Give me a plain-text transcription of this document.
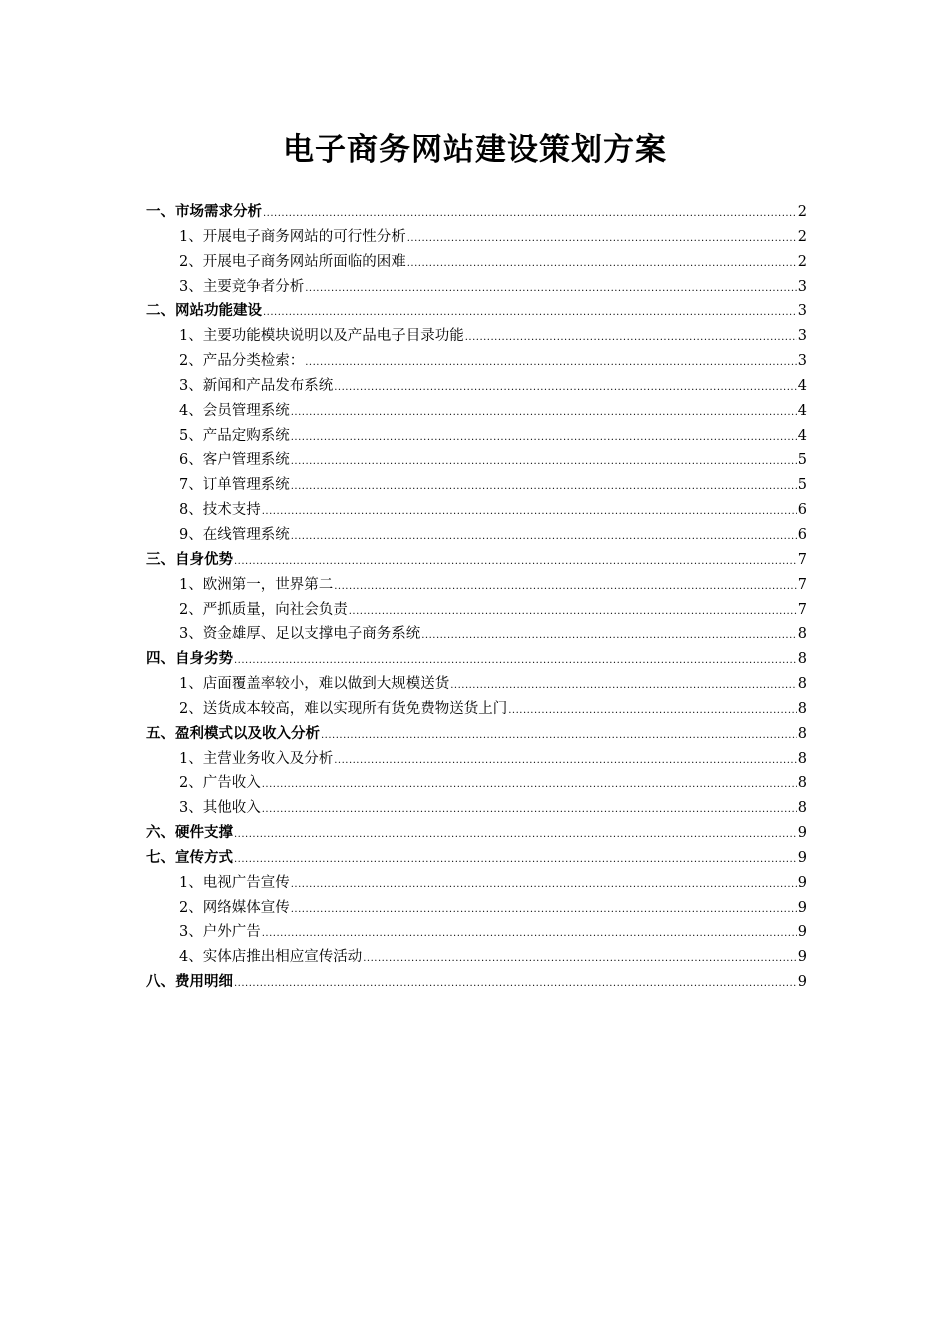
电子商务网站建设策划方案
一、市场需求分析 .....	2
1、开展电子商务网站的可行性分析 .....	2
2、开展电子商务网站所面临的困难 .....	2
3、主要竞争者分析 .....	3
二、网站功能建设 .....	3
1、主要功能模块说明以及产品电子目录功能 .....	3
2、产品分类检索： .....	3
3、新闻和产品发布系统 .....	4
4、会员管理系统 .....	4
5、产品定购系统 .....	4
6、客户管理系统 .....	5
7、订单管理系统 .....	5
8、技术支持 .....	6
9、在线管理系统 .....	6
三、自身优势 .....	7
1、欧洲第一，世界第二 .....	7
2、严抓质量，向社会负责 .....	7
3、资金雄厚、足以支撑电子商务系统 .....	8
四、自身劣势 .....	8
1、店面覆盖率较小，难以做到大规模送货 .....	8
2、送货成本较高，难以实现所有货免费物送货上门 .....	8
五、盈利模式以及收入分析 .....	8
1、主营业务收入及分析 .....	8
2、广告收入 .....	8
3、其他收入 .....	8
六、硬件支撑 .....	9
七、宣传方式 .....	9
1、电视广告宣传 .....	9
2、网络媒体宣传 .....	9
3、户外广告 .....	9
4、实体店推出相应宣传活动 .....	9
八、费用明细 .....	9
